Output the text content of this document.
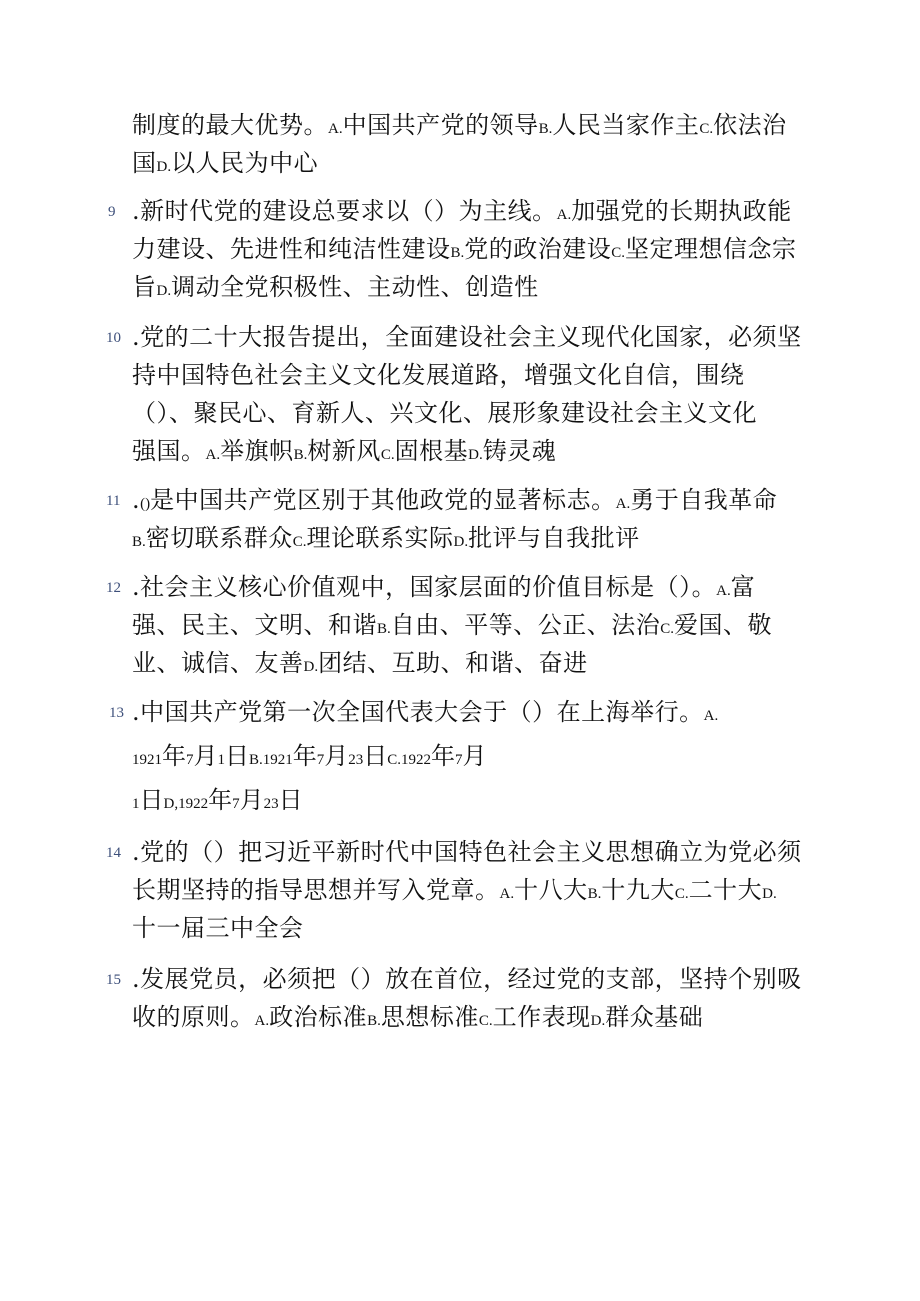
制度的最大优势。A.中国共产党的领导B.人民当家作主C.依法治
国D.以人民为中心
9 .新时代党的建设总要求以（）为主线。A.加强党的长期执政能
力建设、先进性和纯洁性建设B.党的政治建设C.坚定理想信念宗
旨D.调动全党积极性、主动性、创造性
10 .党的二十大报告提出，全面建设社会主义现代化国家，必须坚
持中国特色社会主义文化发展道路，增强文化自信，围绕
（）、聚民心、育新人、兴文化、展形象建设社会主义文化
强国。A.举旗帜B.树新风C.固根基D.铸灵魂
11 .()是中国共产党区别于其他政党的显著标志。A.勇于自我革命
B.密切联系群众C.理论联系实际D.批评与自我批评
12 .社会主义核心价值观中，国家层面的价值目标是（）。A.富
强、民主、文明、和谐B.自由、平等、公正、法治C.爱国、敬
业、诚信、友善D.团结、互助、和谐、奋进
13 .中国共产党第一次全国代表大会于（）在上海举行。A.
1921年7月1日B.1921年7月23日C.1922年7月
1日D,1922年7月23日
14 .党的（）把习近平新时代中国特色社会主义思想确立为党必须
长期坚持的指导思想并写入党章。A.十八大B.十九大C.二十大D.
十一届三中全会
15 .发展党员，必须把（）放在首位，经过党的支部，坚持个别吸
收的原则。A.政治标准B.思想标准C.工作表现D.群众基础
